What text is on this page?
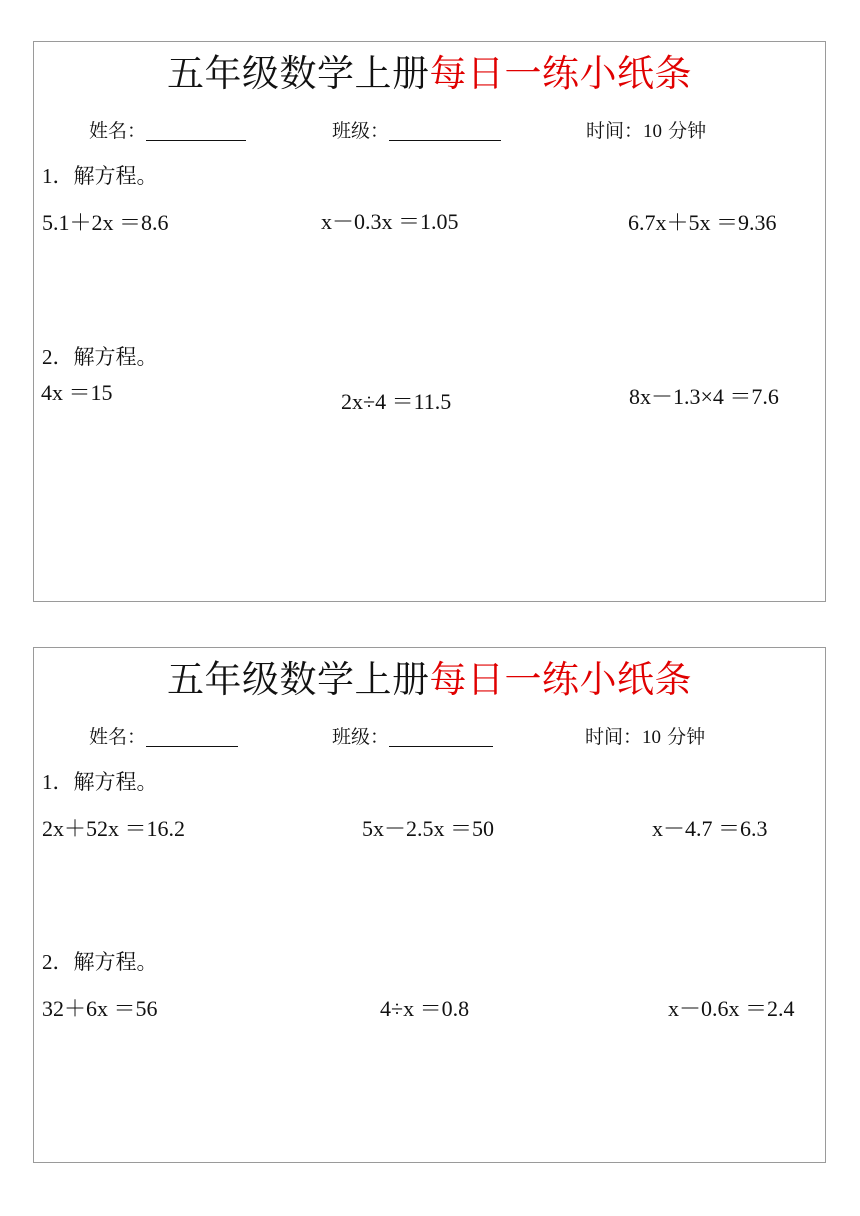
五年级数学上册每日一练小纸条
姓名：	班级：	时间：10 分钟
1．解方程。
5.1＋2x ＝8.6	x－0.3x ＝1.05	6.7x＋5x ＝9.36
2．解方程。
4x ＝15	2x÷4 ＝11.5	8x－1.3×4 ＝7.6
五年级数学上册每日一练小纸条
姓名：	班级：	时间：10 分钟
1．解方程。
2x＋52x ＝16.2	5x－2.5x ＝50	x－4.7 ＝6.3
2．解方程。
32＋6x ＝56	4÷x ＝0.8	x－0.6x ＝2.4
